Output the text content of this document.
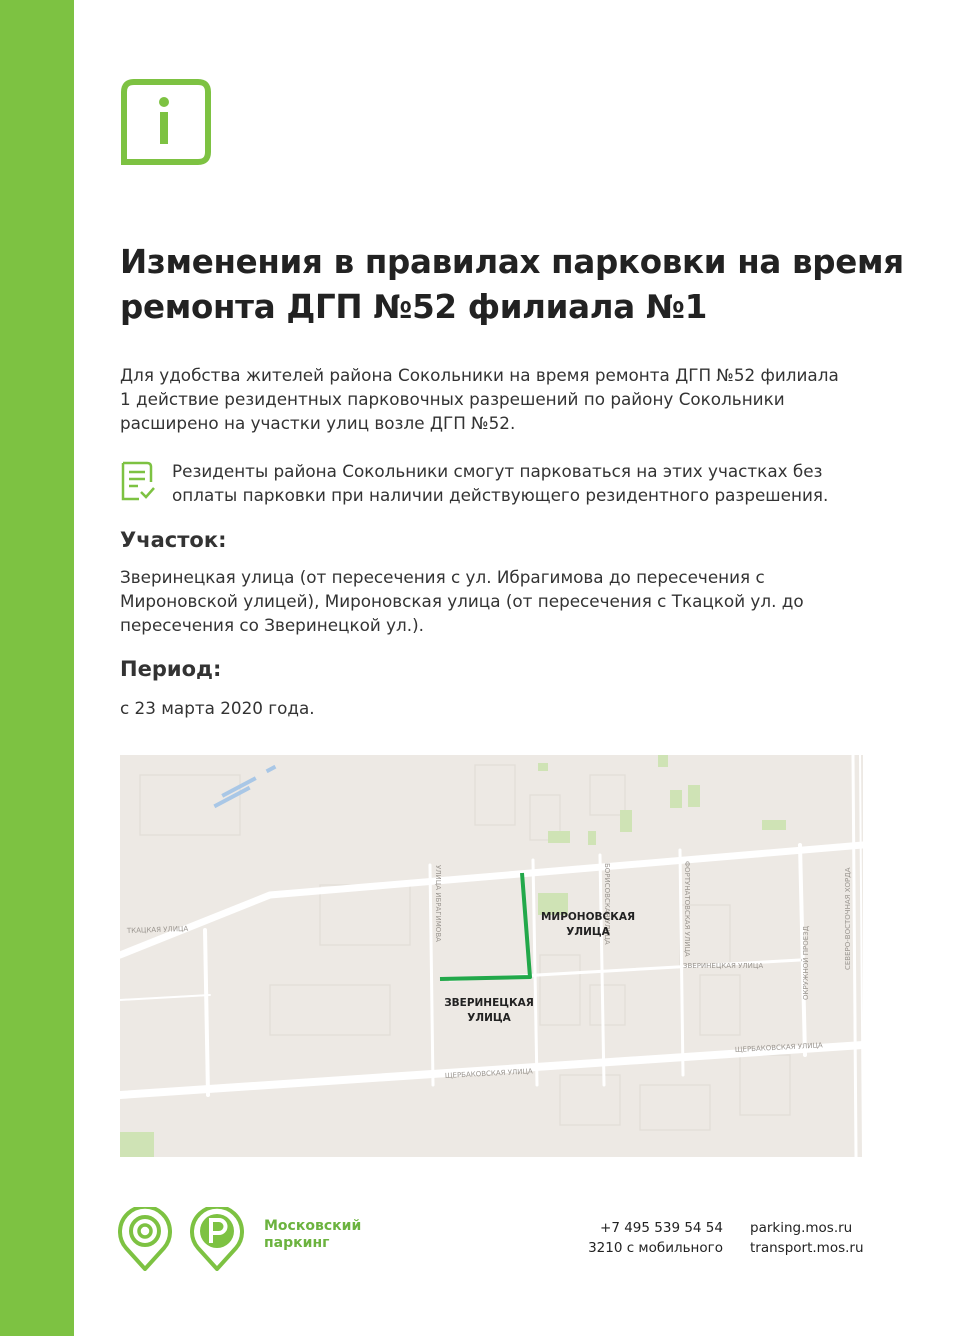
Изменения в правилах парковки на время
ремонта ДГП №52 филиала №1
Для удобства жителей района Сокольники на время ремонта ДГП №52 филиала
1 действие резидентных парковочных разрешений по району Сокольники
расширено на участки улиц возле ДГП №52.
Резиденты района Сокольники смогут парковаться на этих участках без
оплаты парковки при наличии действующего резидентного разрешения.
Участок:
Зверинецкая улица (от пересечения с ул. Ибрагимова до пересечения с
Мироновской улицей), Мироновская улица (от пересечения с Ткацкой ул. до
пересечения со Зверинецкой ул.).
Период:
с 23 марта 2020 года.
ТКАЦКАЯ УЛИЦА	УЛИЦА ИБРАГИМОВА	БОРИСОВСКАЯ УЛИЦА	ФОРТУНАТОВСКАЯ УЛИЦА
ЗВЕРИНЕЦКАЯ УЛИЦА
ЩЕРБАКОВСКАЯ УЛИЦА
ЩЕРБАКОВСКАЯ УЛИЦА
ОКРУЖНОЙ ПРОЕЗД	СЕВЕРО-ВОСТОЧНАЯ ХОРДА
МИРОНОВСКАЯ
УЛИЦА
ЗВЕРИНЕЦКАЯ
УЛИЦА
Московский
паркинг
+7 495 539 54 54
3210 с мобильного
parking.mos.ru
transport.mos.ru
